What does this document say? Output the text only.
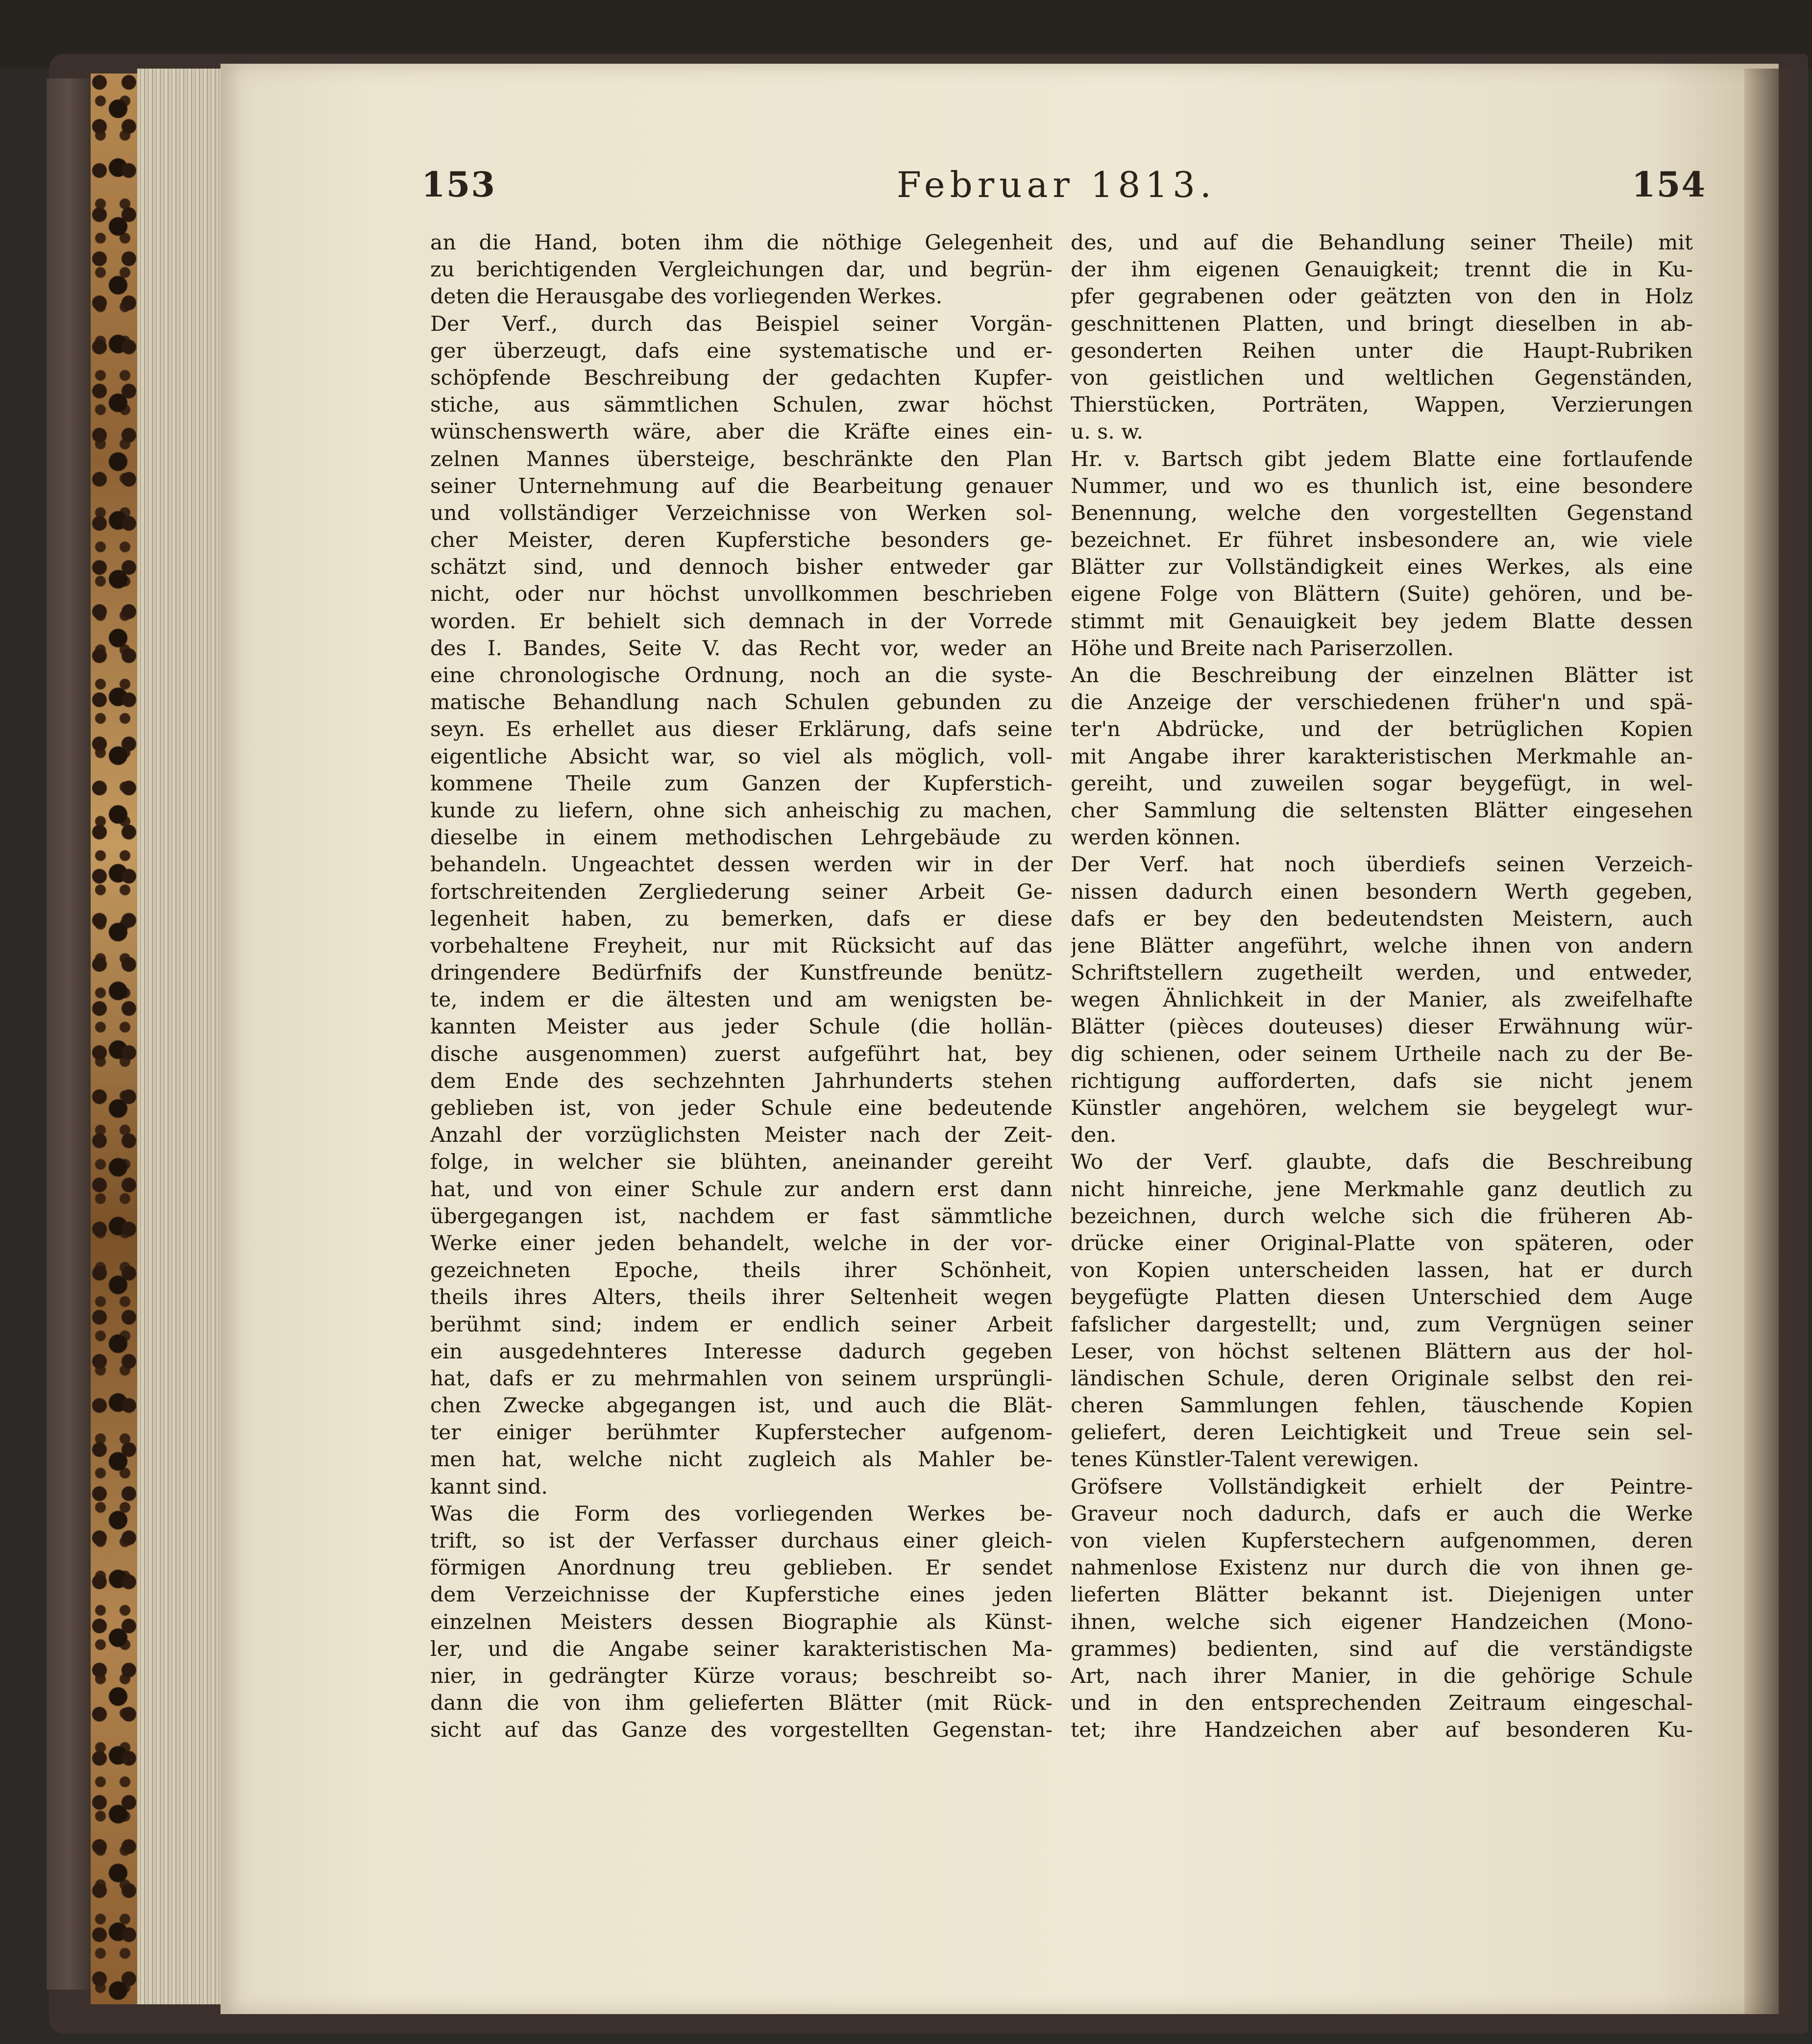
153	Februar 1813.	154
an die Hand, boten ihm die nöthige Gelegenheit
zu berichtigenden Vergleichungen dar, und begrün-
deten die Herausgabe des vorliegenden Werkes.
Der Verf., durch das Beispiel seiner Vorgän-
ger überzeugt, dafs eine systematische und er-
schöpfende Beschreibung der gedachten Kupfer-
stiche, aus sämmtlichen Schulen, zwar höchst
wünschenswerth wäre, aber die Kräfte eines ein-
zelnen Mannes übersteige, beschränkte den Plan
seiner Unternehmung auf die Bearbeitung genauer
und vollständiger Verzeichnisse von Werken sol-
cher Meister, deren Kupferstiche besonders ge-
schätzt sind, und dennoch bisher entweder gar
nicht, oder nur höchst unvollkommen beschrieben
worden. Er behielt sich demnach in der Vorrede
des I. Bandes, Seite V. das Recht vor, weder an
eine chronologische Ordnung, noch an die syste-
matische Behandlung nach Schulen gebunden zu
seyn. Es erhellet aus dieser Erklärung, dafs seine
eigentliche Absicht war, so viel als möglich, voll-
kommene Theile zum Ganzen der Kupferstich-
kunde zu liefern, ohne sich anheischig zu machen,
dieselbe in einem methodischen Lehrgebäude zu
behandeln. Ungeachtet dessen werden wir in der
fortschreitenden Zergliederung seiner Arbeit Ge-
legenheit haben, zu bemerken, dafs er diese
vorbehaltene Freyheit, nur mit Rücksicht auf das
dringendere Bedürfnifs der Kunstfreunde benütz-
te, indem er die ältesten und am wenigsten be-
kannten Meister aus jeder Schule (die hollän-
dische ausgenommen) zuerst aufgeführt hat, bey
dem Ende des sechzehnten Jahrhunderts stehen
geblieben ist, von jeder Schule eine bedeutende
Anzahl der vorzüglichsten Meister nach der Zeit-
folge, in welcher sie blühten, aneinander gereiht
hat, und von einer Schule zur andern erst dann
übergegangen ist, nachdem er fast sämmtliche
Werke einer jeden behandelt, welche in der vor-
gezeichneten Epoche, theils ihrer Schönheit,
theils ihres Alters, theils ihrer Seltenheit wegen
berühmt sind; indem er endlich seiner Arbeit
ein ausgedehnteres Interesse dadurch gegeben
hat, dafs er zu mehrmahlen von seinem ursprüngli-
chen Zwecke abgegangen ist, und auch die Blät-
ter einiger berühmter Kupferstecher aufgenom-
men hat, welche nicht zugleich als Mahler be-
kannt sind.
Was die Form des vorliegenden Werkes be-
trift, so ist der Verfasser durchaus einer gleich-
förmigen Anordnung treu geblieben. Er sendet
dem Verzeichnisse der Kupferstiche eines jeden
einzelnen Meisters dessen Biographie als Künst-
ler, und die Angabe seiner karakteristischen Ma-
nier, in gedrängter Kürze voraus; beschreibt so-
dann die von ihm gelieferten Blätter (mit Rück-
sicht auf das Ganze des vorgestellten Gegenstan-
des, und auf die Behandlung seiner Theile) mit
der ihm eigenen Genauigkeit; trennt die in Ku-
pfer gegrabenen oder geätzten von den in Holz
geschnittenen Platten, und bringt dieselben in ab-
gesonderten Reihen unter die Haupt-Rubriken
von geistlichen und weltlichen Gegenständen,
Thierstücken, Porträten, Wappen, Verzierungen
u. s. w.
Hr. v. Bartsch gibt jedem Blatte eine fortlaufende
Nummer, und wo es thunlich ist, eine besondere
Benennung, welche den vorgestellten Gegenstand
bezeichnet. Er führet insbesondere an, wie viele
Blätter zur Vollständigkeit eines Werkes, als eine
eigene Folge von Blättern (Suite) gehören, und be-
stimmt mit Genauigkeit bey jedem Blatte dessen
Höhe und Breite nach Pariserzollen.
An die Beschreibung der einzelnen Blätter ist
die Anzeige der verschiedenen früher'n und spä-
ter'n Abdrücke, und der betrüglichen Kopien
mit Angabe ihrer karakteristischen Merkmahle an-
gereiht, und zuweilen sogar beygefügt, in wel-
cher Sammlung die seltensten Blätter eingesehen
werden können.
Der Verf. hat noch überdiefs seinen Verzeich-
nissen dadurch einen besondern Werth gegeben,
dafs er bey den bedeutendsten Meistern, auch
jene Blätter angeführt, welche ihnen von andern
Schriftstellern zugetheilt werden, und entweder,
wegen Ähnlichkeit in der Manier, als zweifelhafte
Blätter (pièces douteuses) dieser Erwähnung wür-
dig schienen, oder seinem Urtheile nach zu der Be-
richtigung aufforderten, dafs sie nicht jenem
Künstler angehören, welchem sie beygelegt wur-
den.
Wo der Verf. glaubte, dafs die Beschreibung
nicht hinreiche, jene Merkmahle ganz deutlich zu
bezeichnen, durch welche sich die früheren Ab-
drücke einer Original-Platte von späteren, oder
von Kopien unterscheiden lassen, hat er durch
beygefügte Platten diesen Unterschied dem Auge
fafslicher dargestellt; und, zum Vergnügen seiner
Leser, von höchst seltenen Blättern aus der hol-
ländischen Schule, deren Originale selbst den rei-
cheren Sammlungen fehlen, täuschende Kopien
geliefert, deren Leichtigkeit und Treue sein sel-
tenes Künstler-Talent verewigen.
Gröfsere Vollständigkeit erhielt der Peintre-
Graveur noch dadurch, dafs er auch die Werke
von vielen Kupferstechern aufgenommen, deren
nahmenlose Existenz nur durch die von ihnen ge-
lieferten Blätter bekannt ist. Diejenigen unter
ihnen, welche sich eigener Handzeichen (Mono-
grammes) bedienten, sind auf die verständigste
Art, nach ihrer Manier, in die gehörige Schule
und in den entsprechenden Zeitraum eingeschal-
tet; ihre Handzeichen aber auf besonderen Ku-
